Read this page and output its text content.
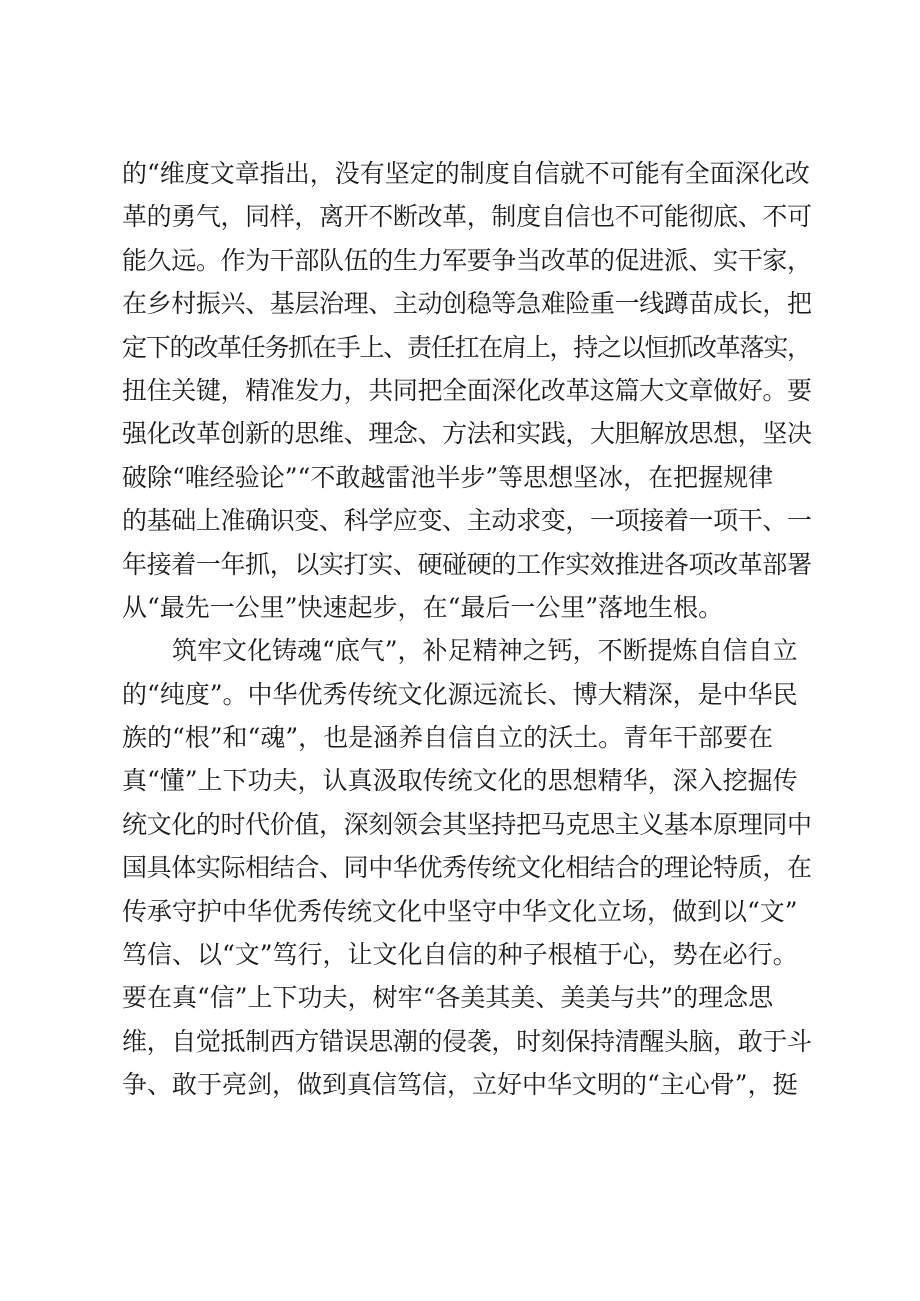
的“维度文章指出，没有坚定的制度自信就不可能有全面深化改
革的勇气，同样，离开不断改革，制度自信也不可能彻底、不可
能久远。作为干部队伍的生力军要争当改革的促进派、实干家，
在乡村振兴、基层治理、主动创稳等急难险重一线蹲苗成长，把
定下的改革任务抓在手上、责任扛在肩上，持之以恒抓改革落实，
扭住关键，精准发力，共同把全面深化改革这篇大文章做好。要
强化改革创新的思维、理念、方法和实践，大胆解放思想，坚决
破除“唯经验论”“不敢越雷池半步”等思想坚冰，在把握规律
的基础上准确识变、科学应变、主动求变，一项接着一项干、一
年接着一年抓，以实打实、硬碰硬的工作实效推进各项改革部署
从“最先一公里”快速起步，在“最后一公里”落地生根。
筑牢文化铸魂“底气”，补足精神之钙，不断提炼自信自立
的“纯度”。中华优秀传统文化源远流长、博大精深，是中华民
族的“根”和“魂”，也是涵养自信自立的沃土。青年干部要在
真“懂”上下功夫，认真汲取传统文化的思想精华，深入挖掘传
统文化的时代价值，深刻领会其坚持把马克思主义基本原理同中
国具体实际相结合、同中华优秀传统文化相结合的理论特质，在
传承守护中华优秀传统文化中坚守中华文化立场，做到以“文”
笃信、以“文”笃行，让文化自信的种子根植于心，势在必行。
要在真“信”上下功夫，树牢“各美其美、美美与共”的理念思
维，自觉抵制西方错误思潮的侵袭，时刻保持清醒头脑，敢于斗
争、敢于亮剑，做到真信笃信，立好中华文明的“主心骨”，挺
